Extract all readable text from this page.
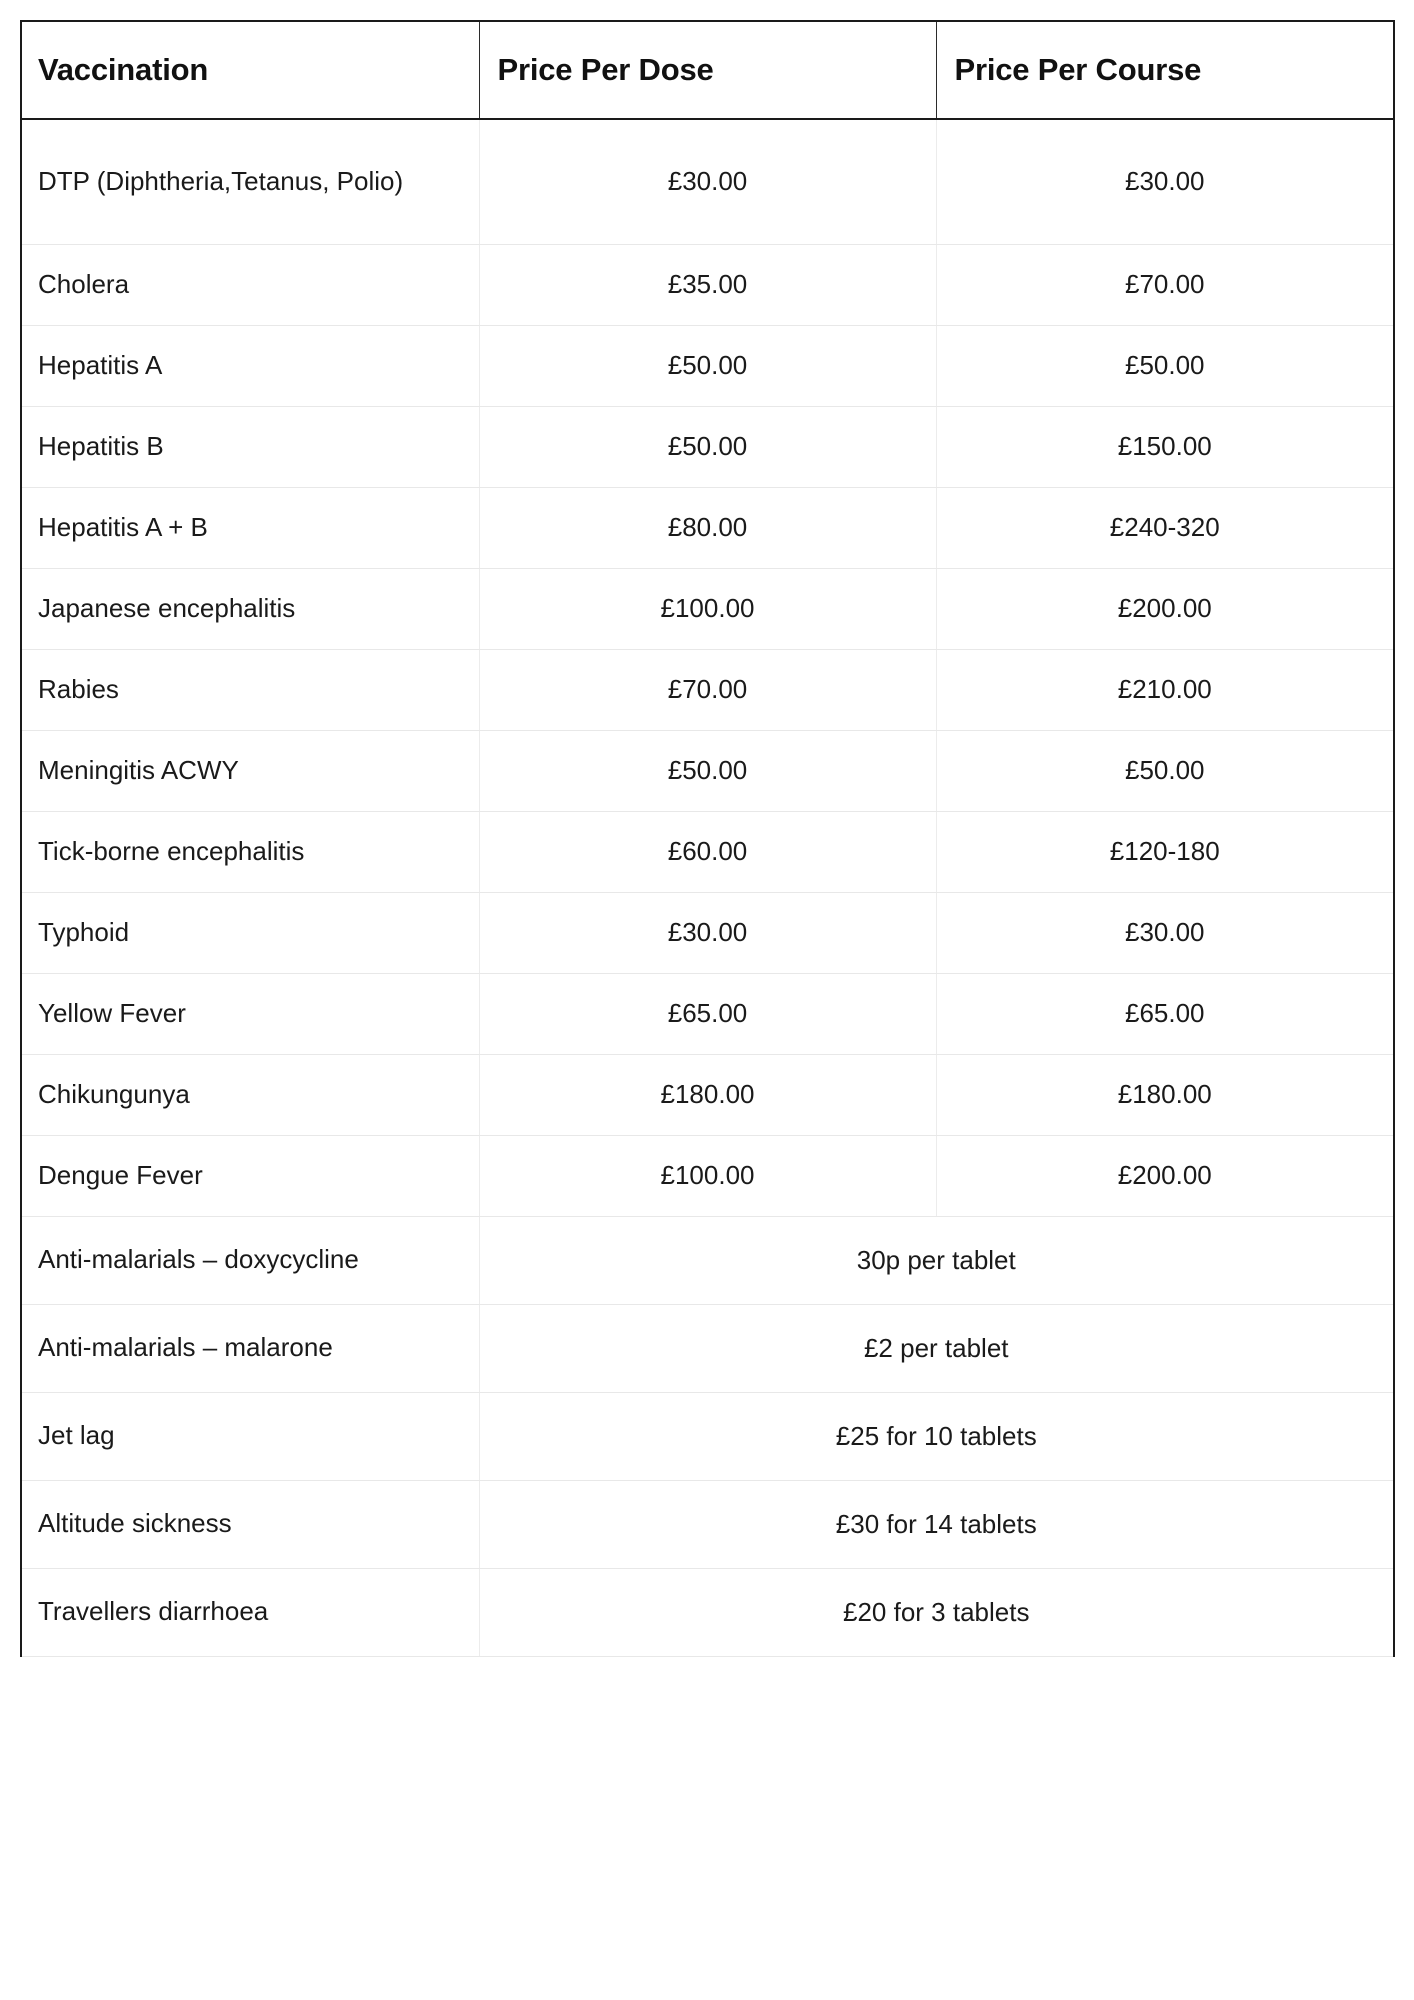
Vaccination	Price Per Dose	Price Per Course
DTP (Diphtheria,Tetanus, Polio)	£30.00	£30.00
Cholera	£35.00	£70.00
Hepatitis A	£50.00	£50.00
Hepatitis B	£50.00	£150.00
Hepatitis A + B	£80.00	£240-320
Japanese encephalitis	£100.00	£200.00
Rabies	£70.00	£210.00
Meningitis ACWY	£50.00	£50.00
Tick-borne encephalitis	£60.00	£120-180
Typhoid	£30.00	£30.00
Yellow Fever	£65.00	£65.00
Chikungunya	£180.00	£180.00
Dengue Fever	£100.00	£200.00
Anti-malarials – doxycycline	30p per tablet	
Anti-malarials – malarone	£2 per tablet	
Jet lag	£25 for 10 tablets	
Altitude sickness	£30 for 14 tablets	
Travellers diarrhoea	£20 for 3 tablets	
